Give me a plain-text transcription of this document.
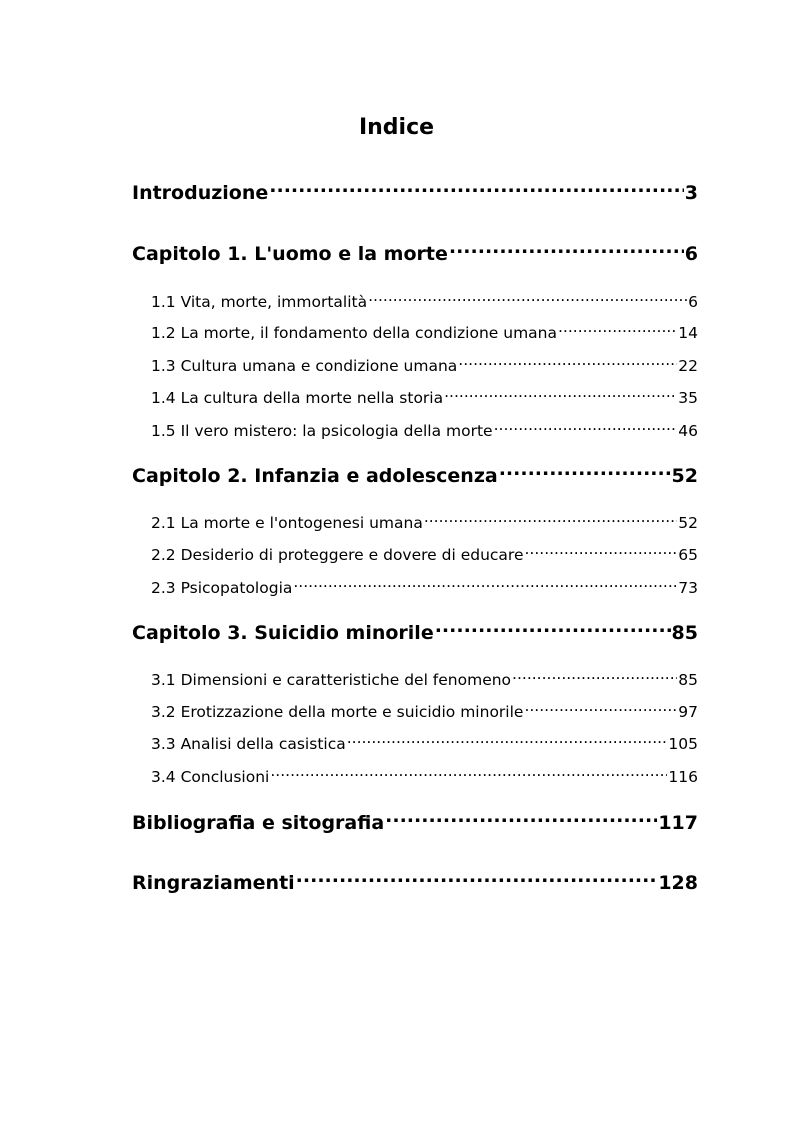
Indice
Introduzione .....	3
Capitolo 1. L'uomo e la morte .....	6
1.1 Vita, morte, immortalità .....	6
1.2 La morte, il fondamento della condizione umana .....	14
1.3 Cultura umana e condizione umana .....	22
1.4 La cultura della morte nella storia .....	35
1.5 Il vero mistero: la psicologia della morte .....	46
Capitolo 2. Infanzia e adolescenza .....	52
2.1 La morte e l'ontogenesi umana .....	52
2.2 Desiderio di proteggere e dovere di educare .....	65
2.3 Psicopatologia .....	73
Capitolo 3. Suicidio minorile .....	85
3.1 Dimensioni e caratteristiche del fenomeno .....	85
3.2 Erotizzazione della morte e suicidio minorile .....	97
3.3 Analisi della casistica .....	105
3.4 Conclusioni .....	116
Bibliografia e sitografia .....	117
Ringraziamenti .....	128
